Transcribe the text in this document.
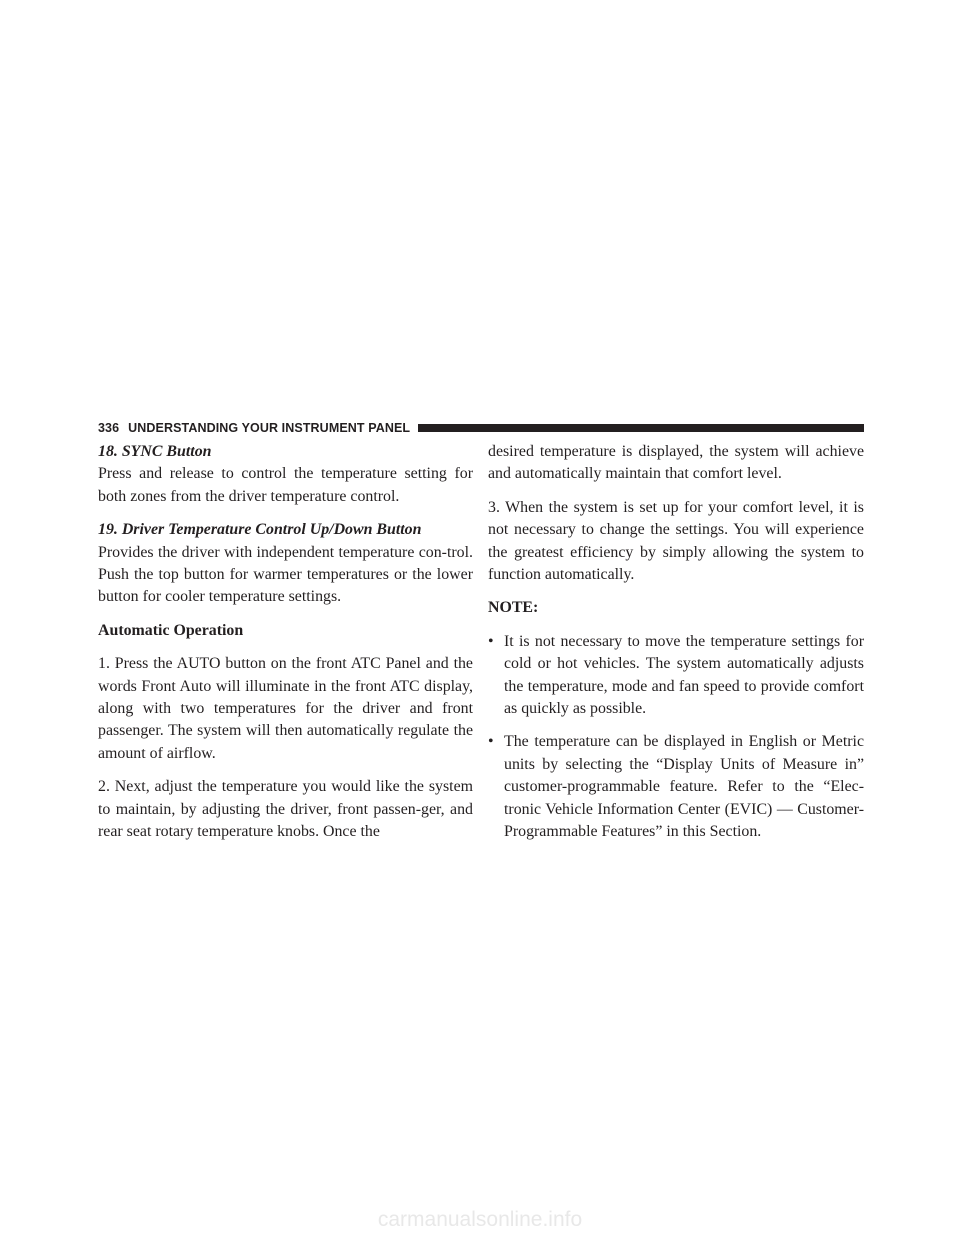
336 UNDERSTANDING YOUR INSTRUMENT PANEL

18. SYNC Button
Press and release to control the temperature setting for both zones from the driver temperature control.

19. Driver Temperature Control Up/Down Button
Provides the driver with independent temperature con-trol. Push the top button for warmer temperatures or the lower button for cooler temperature settings.

Automatic Operation

1. Press the AUTO button on the front ATC Panel and the words Front Auto will illuminate in the front ATC display, along with two temperatures for the driver and front passenger. The system will then automatically regulate the amount of airflow.

2. Next, adjust the temperature you would like the system to maintain, by adjusting the driver, front passen-ger, and rear seat rotary temperature knobs. Once the

desired temperature is displayed, the system will achieve and automatically maintain that comfort level.

3. When the system is set up for your comfort level, it is not necessary to change the settings. You will experience the greatest efficiency by simply allowing the system to function automatically.

NOTE:

• It is not necessary to move the temperature settings for cold or hot vehicles. The system automatically adjusts the temperature, mode and fan speed to provide comfort as quickly as possible.
• The temperature can be displayed in English or Metric units by selecting the “Display Units of Measure in” customer-programmable feature. Refer to the “Elec-tronic Vehicle Information Center (EVIC) — Customer-Programmable Features” in this Section.
carmanualsonline.info
